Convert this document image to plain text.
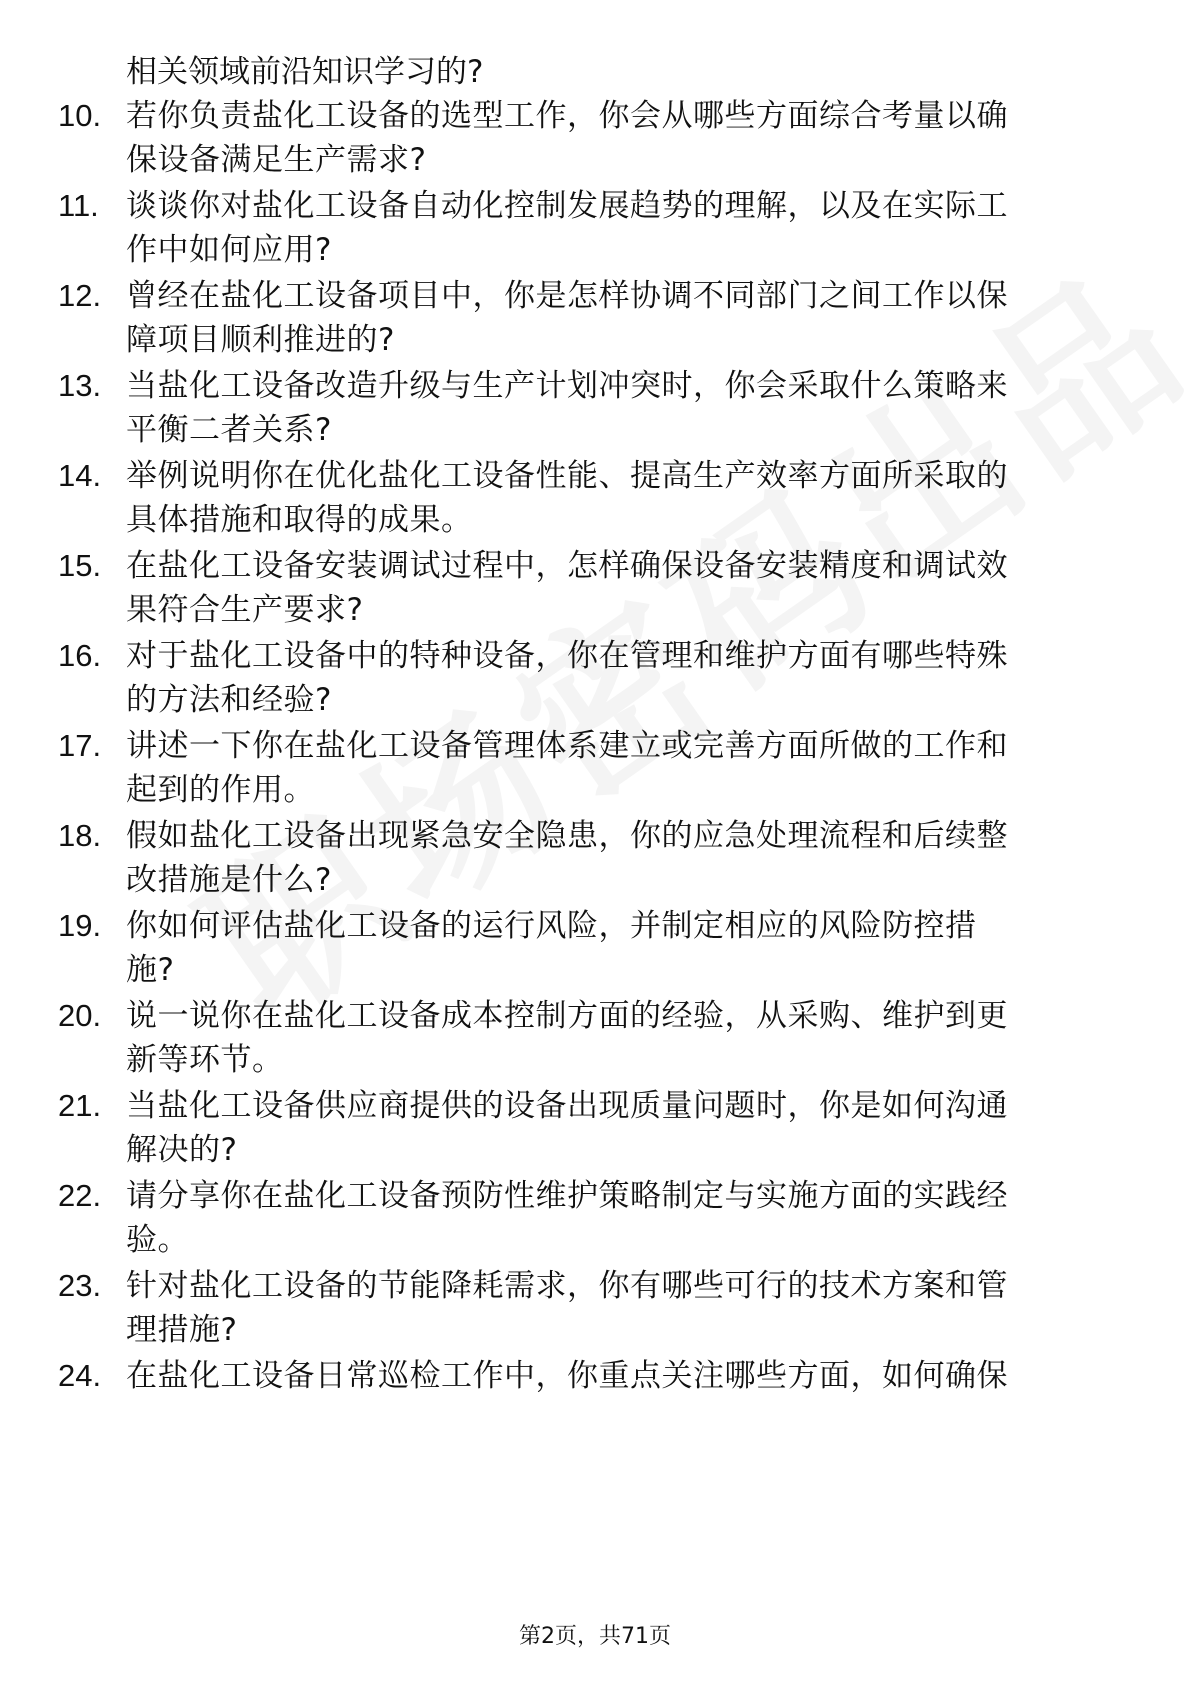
相关领域前沿知识学习的?
10. 若你负责盐化工设备的选型工作，你会从哪些方面综合考量以确
保设备满足生产需求?
11. 谈谈你对盐化工设备自动化控制发展趋势的理解，以及在实际工
作中如何应用?
12. 曾经在盐化工设备项目中，你是怎样协调不同部门之间工作以保
障项目顺利推进的?
13. 当盐化工设备改造升级与生产计划冲突时，你会采取什么策略来
平衡二者关系?
14. 举例说明你在优化盐化工设备性能、提高生产效率方面所采取的
具体措施和取得的成果。
15. 在盐化工设备安装调试过程中，怎样确保设备安装精度和调试效
果符合生产要求?
16. 对于盐化工设备中的特种设备，你在管理和维护方面有哪些特殊
的方法和经验?
17. 讲述一下你在盐化工设备管理体系建立或完善方面所做的工作和
起到的作用。
18. 假如盐化工设备出现紧急安全隐患，你的应急处理流程和后续整
改措施是什么?
19. 你如何评估盐化工设备的运行风险，并制定相应的风险防控措
施?
20. 说一说你在盐化工设备成本控制方面的经验，从采购、维护到更
新等环节。
21. 当盐化工设备供应商提供的设备出现质量问题时，你是如何沟通
解决的?
22. 请分享你在盐化工设备预防性维护策略制定与实施方面的实践经
验。
23. 针对盐化工设备的节能降耗需求，你有哪些可行的技术方案和管
理措施?
24. 在盐化工设备日常巡检工作中，你重点关注哪些方面，如何确保
第2页，共71页
